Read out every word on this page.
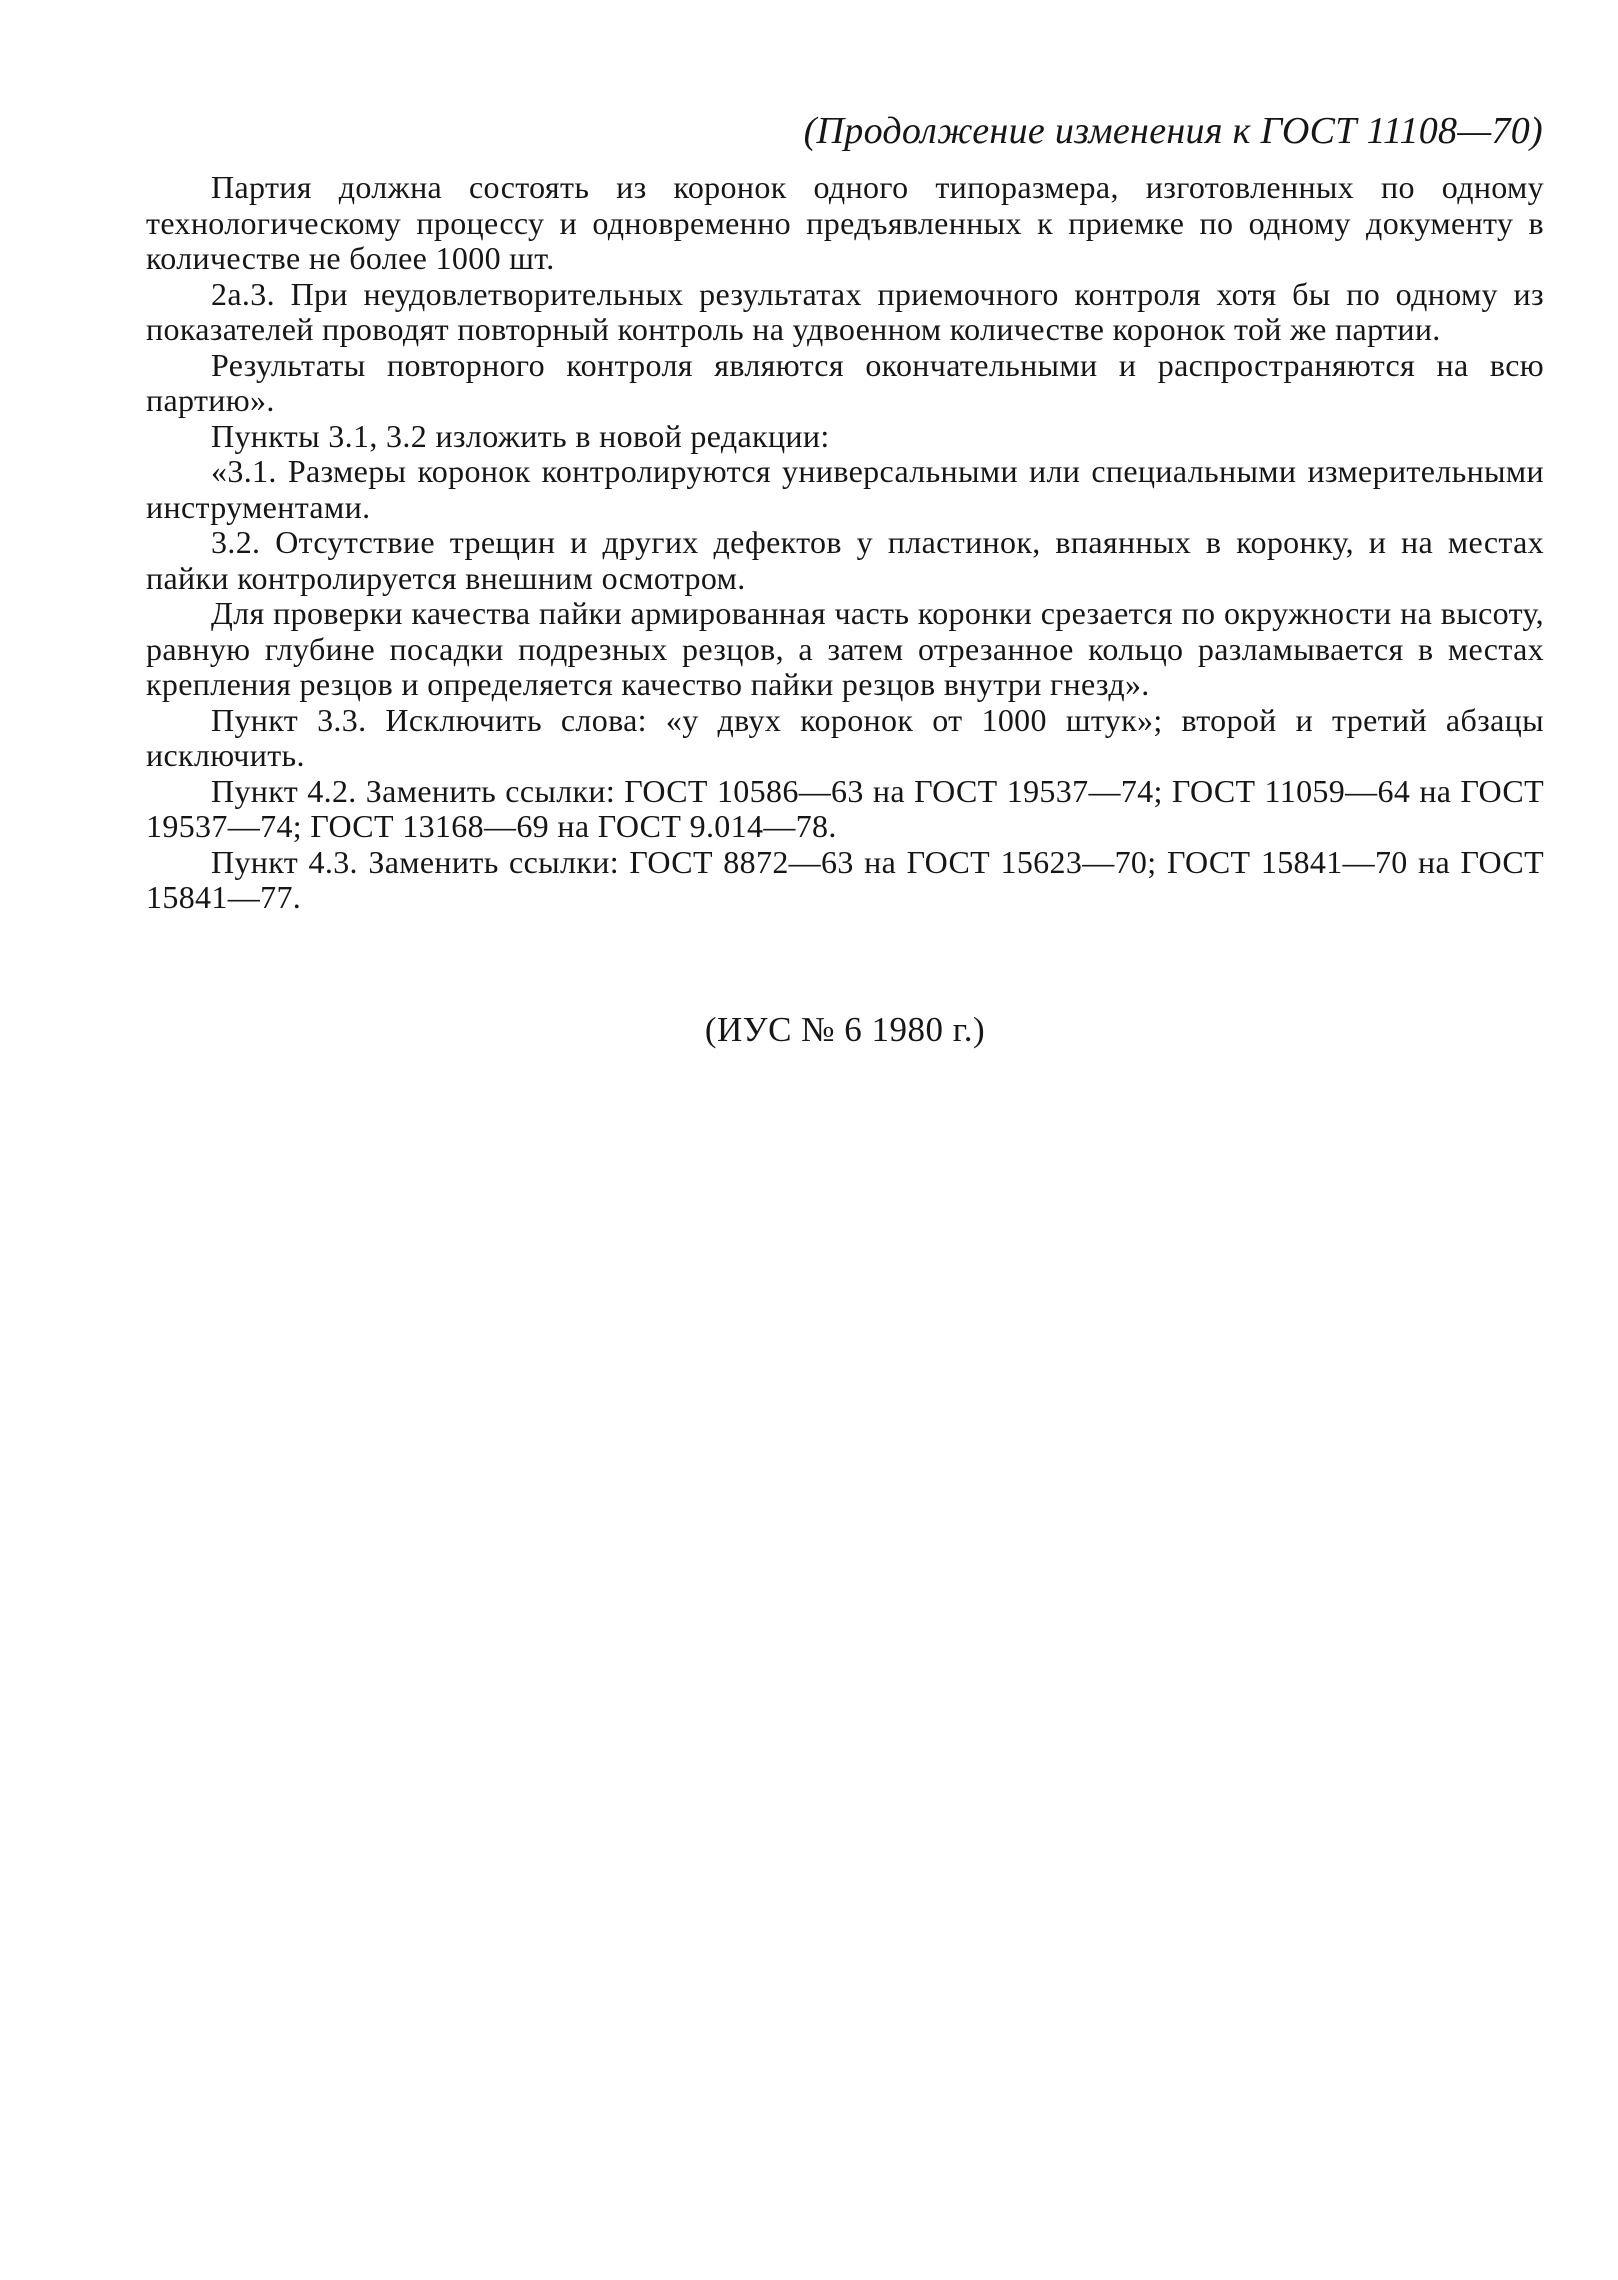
(Продолжение изменения к ГОСТ 11108—70)

Партия должна состоять из коронок одного типоразмера, изготовленных по одному технологическому процессу и одновременно предъявленных к приемке по одному документу в количестве не более 1000 шт.

2а.3. При неудовлетворительных результатах приемочного контроля хотя бы по одному из показателей проводят повторный контроль на удвоенном количестве коронок той же партии.

Результаты повторного контроля являются окончательными и распространяются на всю партию».

Пункты 3.1, 3.2 изложить в новой редакции:

«3.1. Размеры коронок контролируются универсальными или специальными измерительными инструментами.

3.2. Отсутствие трещин и других дефектов у пластинок, впаянных в коронку, и на местах пайки контролируется внешним осмотром.

Для проверки качества пайки армированная часть коронки срезается по окружности на высоту, равную глубине посадки подрезных резцов, а затем отрезанное кольцо разламывается в местах крепления резцов и определяется качество пайки резцов внутри гнезд».

Пункт 3.3. Исключить слова: «у двух коронок от 1000 штук»; второй и третий абзацы исключить.

Пункт 4.2. Заменить ссылки: ГОСТ 10586—63 на ГОСТ 19537—74; ГОСТ 11059—64 на ГОСТ 19537—74; ГОСТ 13168—69 на ГОСТ 9.014—78.

Пункт 4.3. Заменить ссылки: ГОСТ 8872—63 на ГОСТ 15623—70; ГОСТ 15841—70 на ГОСТ 15841—77.

(ИУС № 6 1980 г.)
